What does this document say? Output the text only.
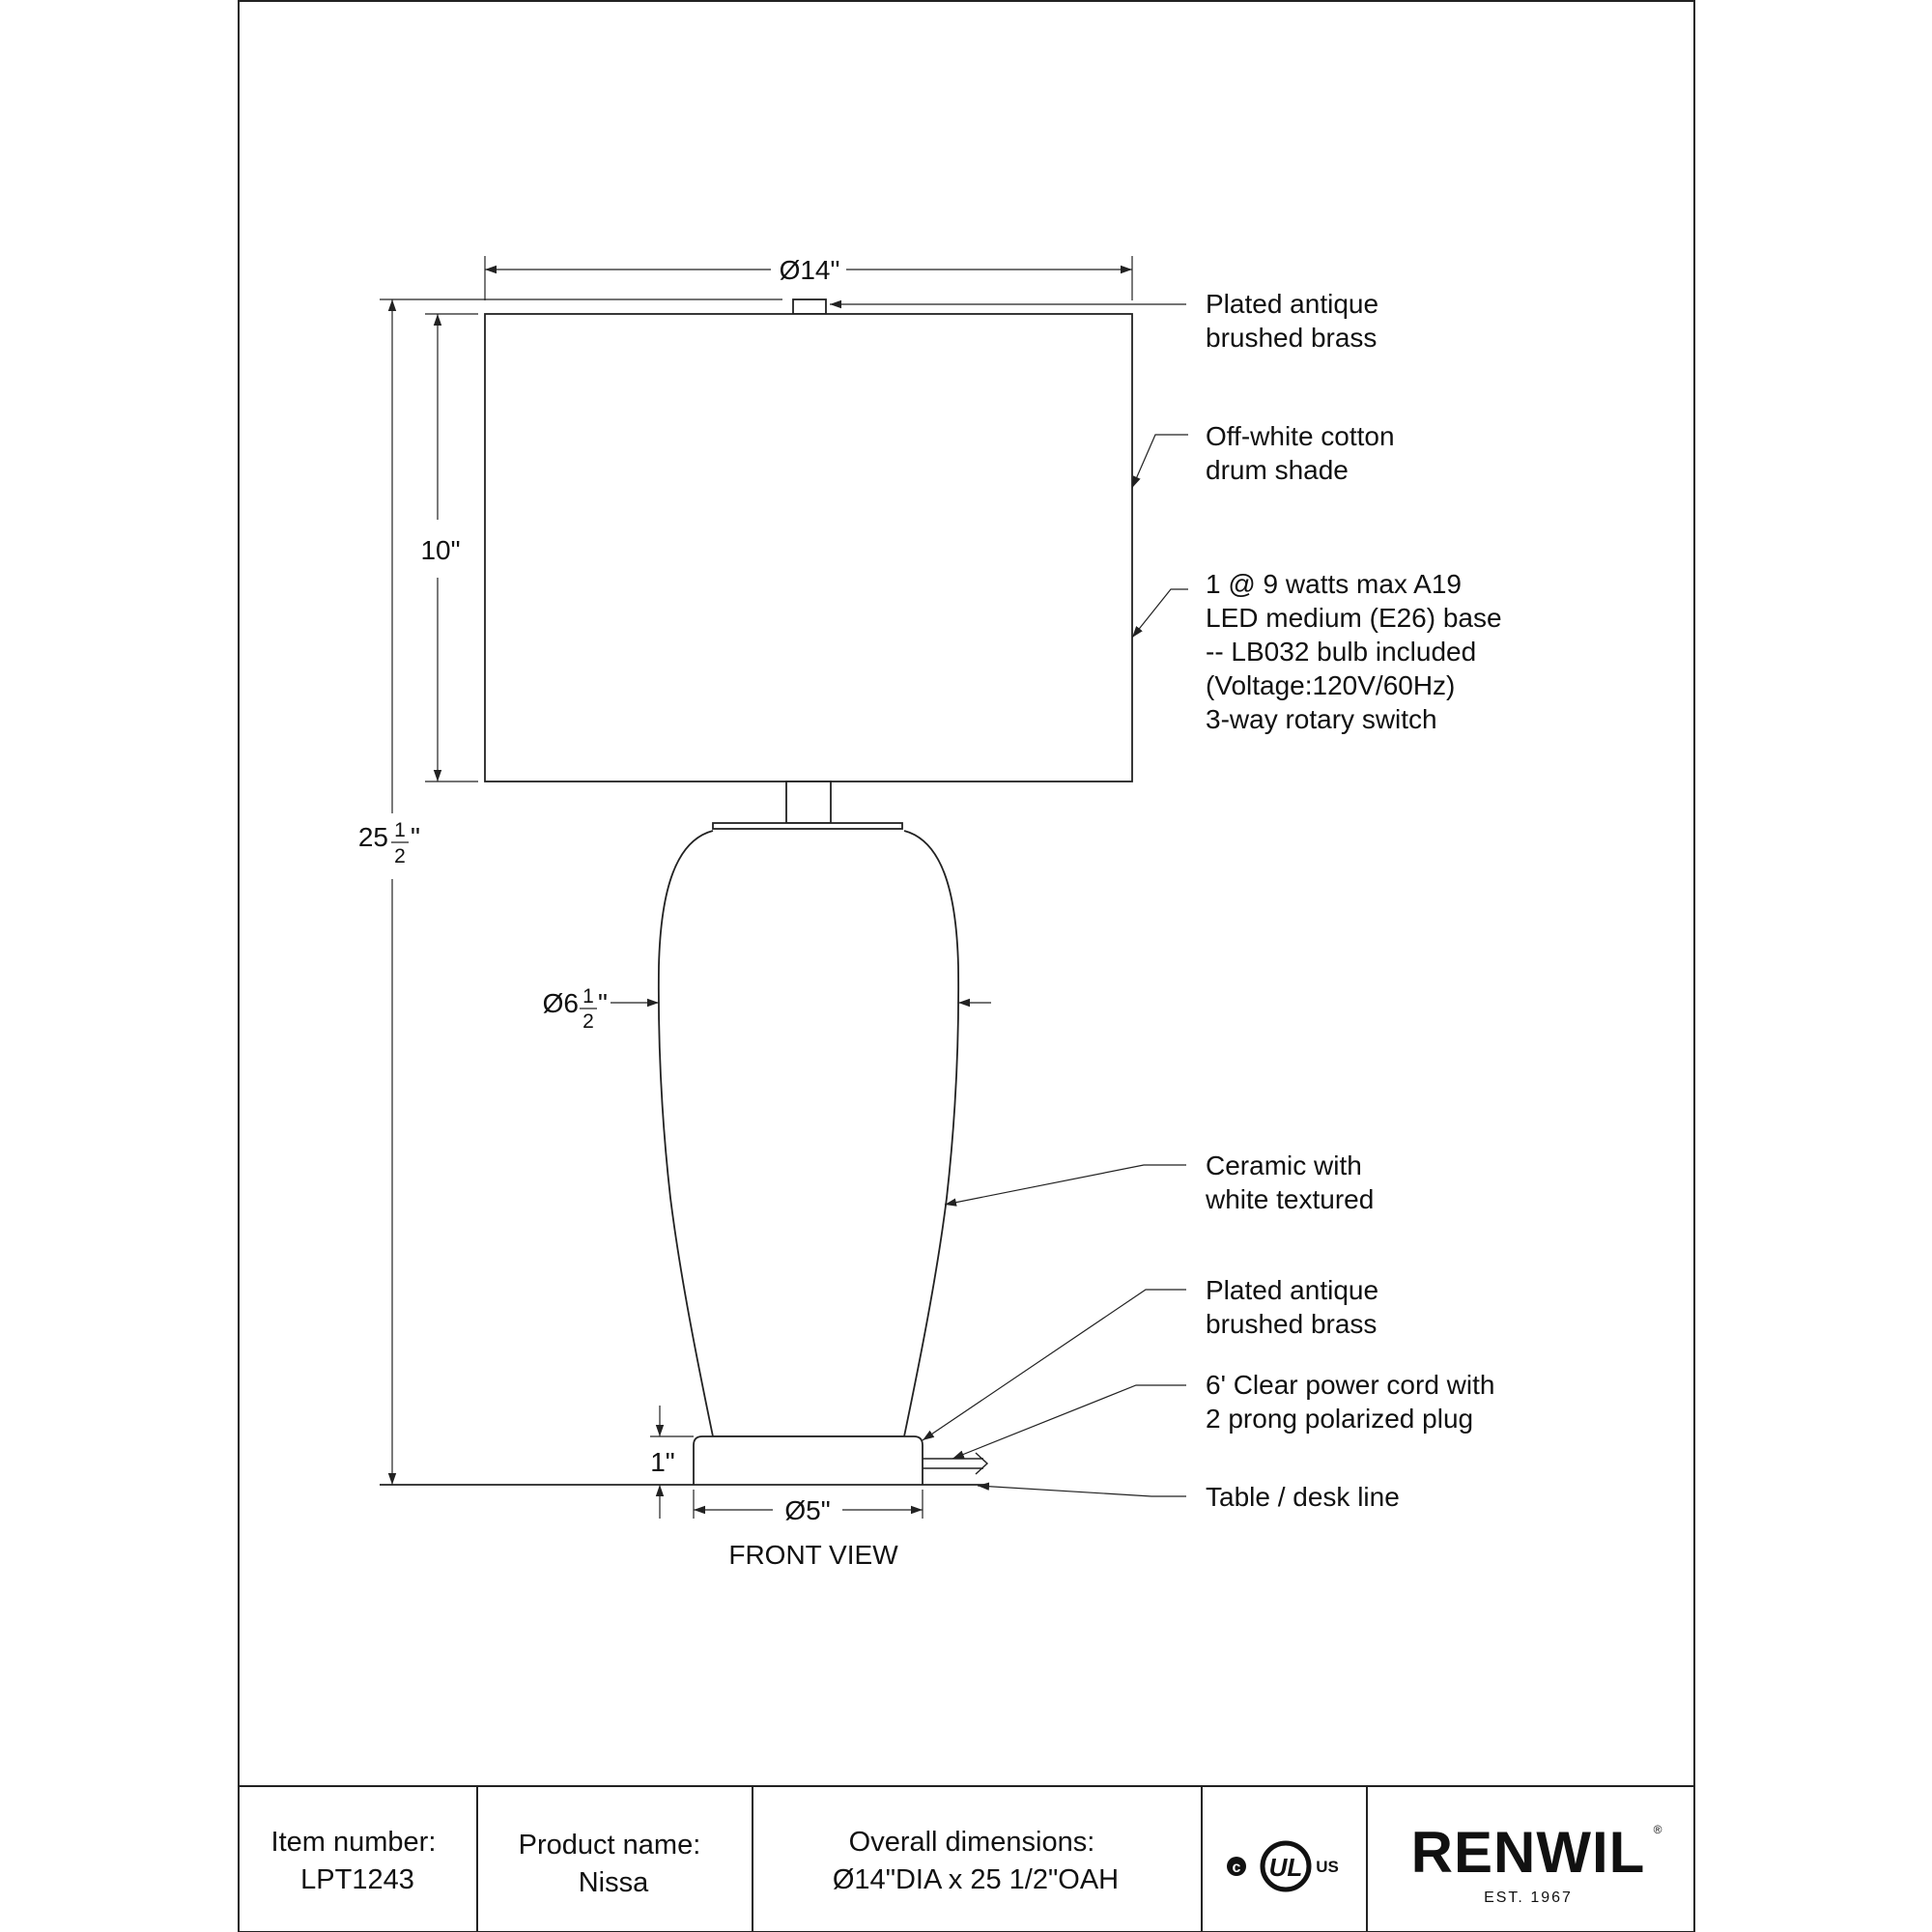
Ø14"
10"
25 1
2
"
Ø6 1
2
"
1"
Ø5"
FRONT VIEW
Plated antique brushed brass
Off-white cotton drum shade
1 @ 9 watts max A19 LED medium (E26) base -- LB032 bulb included (Voltage:120V/60Hz) 3-way rotary switch
Ceramic with white textured
Plated antique brushed brass
6' Clear power cord with 2 prong polarized plug
Table / desk line
Item number: LPT1243
Product name: Nissa
Overall dimensions: Ø14"DIA x 25 1/2"OAH	c UL US RENWIL ®
EST. 1967
